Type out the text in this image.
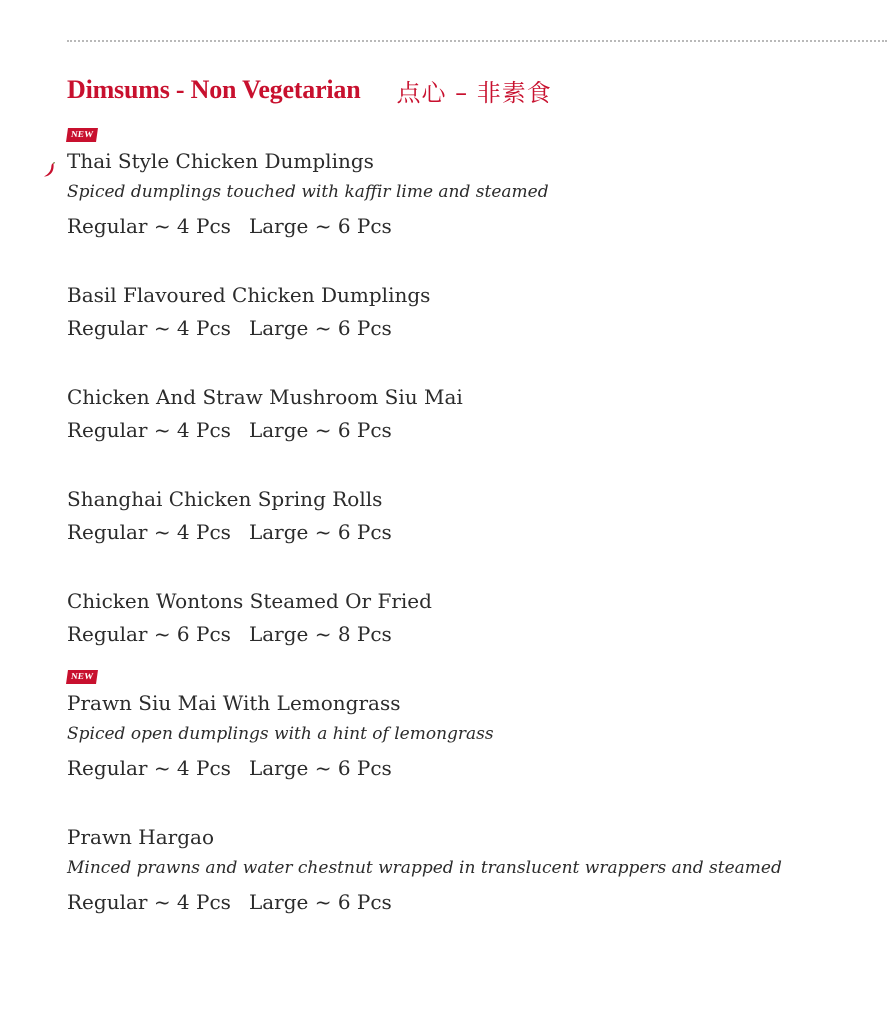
Dimsums - Non Vegetarian 点心 – 非素食
NEW
Thai Style Chicken Dumplings
Spiced dumplings touched with kaffir lime and steamed
Regular ~ 4 Pcs Large ~ 6 Pcs
Basil Flavoured Chicken Dumplings
Regular ~ 4 Pcs Large ~ 6 Pcs
Chicken And Straw Mushroom Siu Mai
Regular ~ 4 Pcs Large ~ 6 Pcs
Shanghai Chicken Spring Rolls
Regular ~ 4 Pcs Large ~ 6 Pcs
Chicken Wontons Steamed Or Fried
Regular ~ 6 Pcs Large ~ 8 Pcs
NEW
Prawn Siu Mai With Lemongrass
Spiced open dumplings with a hint of lemongrass
Regular ~ 4 Pcs Large ~ 6 Pcs
Prawn Hargao
Minced prawns and water chestnut wrapped in translucent wrappers and steamed
Regular ~ 4 Pcs Large ~ 6 Pcs
